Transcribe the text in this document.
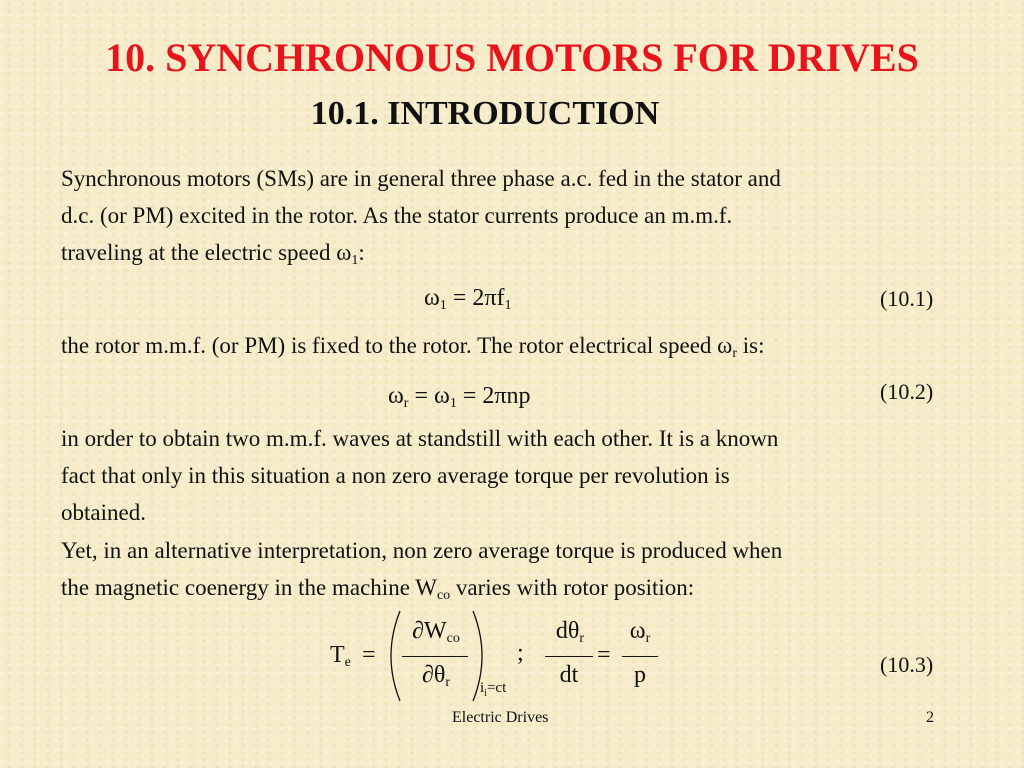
10. SYNCHRONOUS MOTORS FOR DRIVES
10.1. INTRODUCTION
Synchronous motors (SMs) are in general three phase a.c. fed in the stator and
d.c. (or PM) excited in the rotor. As the stator currents produce an m.m.f.
traveling at the electric speed $\omega_1$:
$\omega_1 = 2\pi f_1$	(10.1)
the rotor m.m.f. (or PM) is fixed to the rotor. The rotor electrical speed $\omega_r$ is:
$\omega_r = \omega_1 = 2\pi np$	(10.2)
in order to obtain two m.m.f. waves at standstill with each other. It is a known
fact that only in this situation a non zero average torque per revolution is
obtained.
Yet, in an alternative interpretation, non zero average torque is produced when
the magnetic coenergy in the machine $W_{co}$ varies with rotor position:
$T_e$ =
$\partial W_{co}$
$\partial\theta_r$	$i_i=ct$
;
$d\theta_r$
dt
=
$\omega_r$
p	(10.3)
Electric Drives	2
